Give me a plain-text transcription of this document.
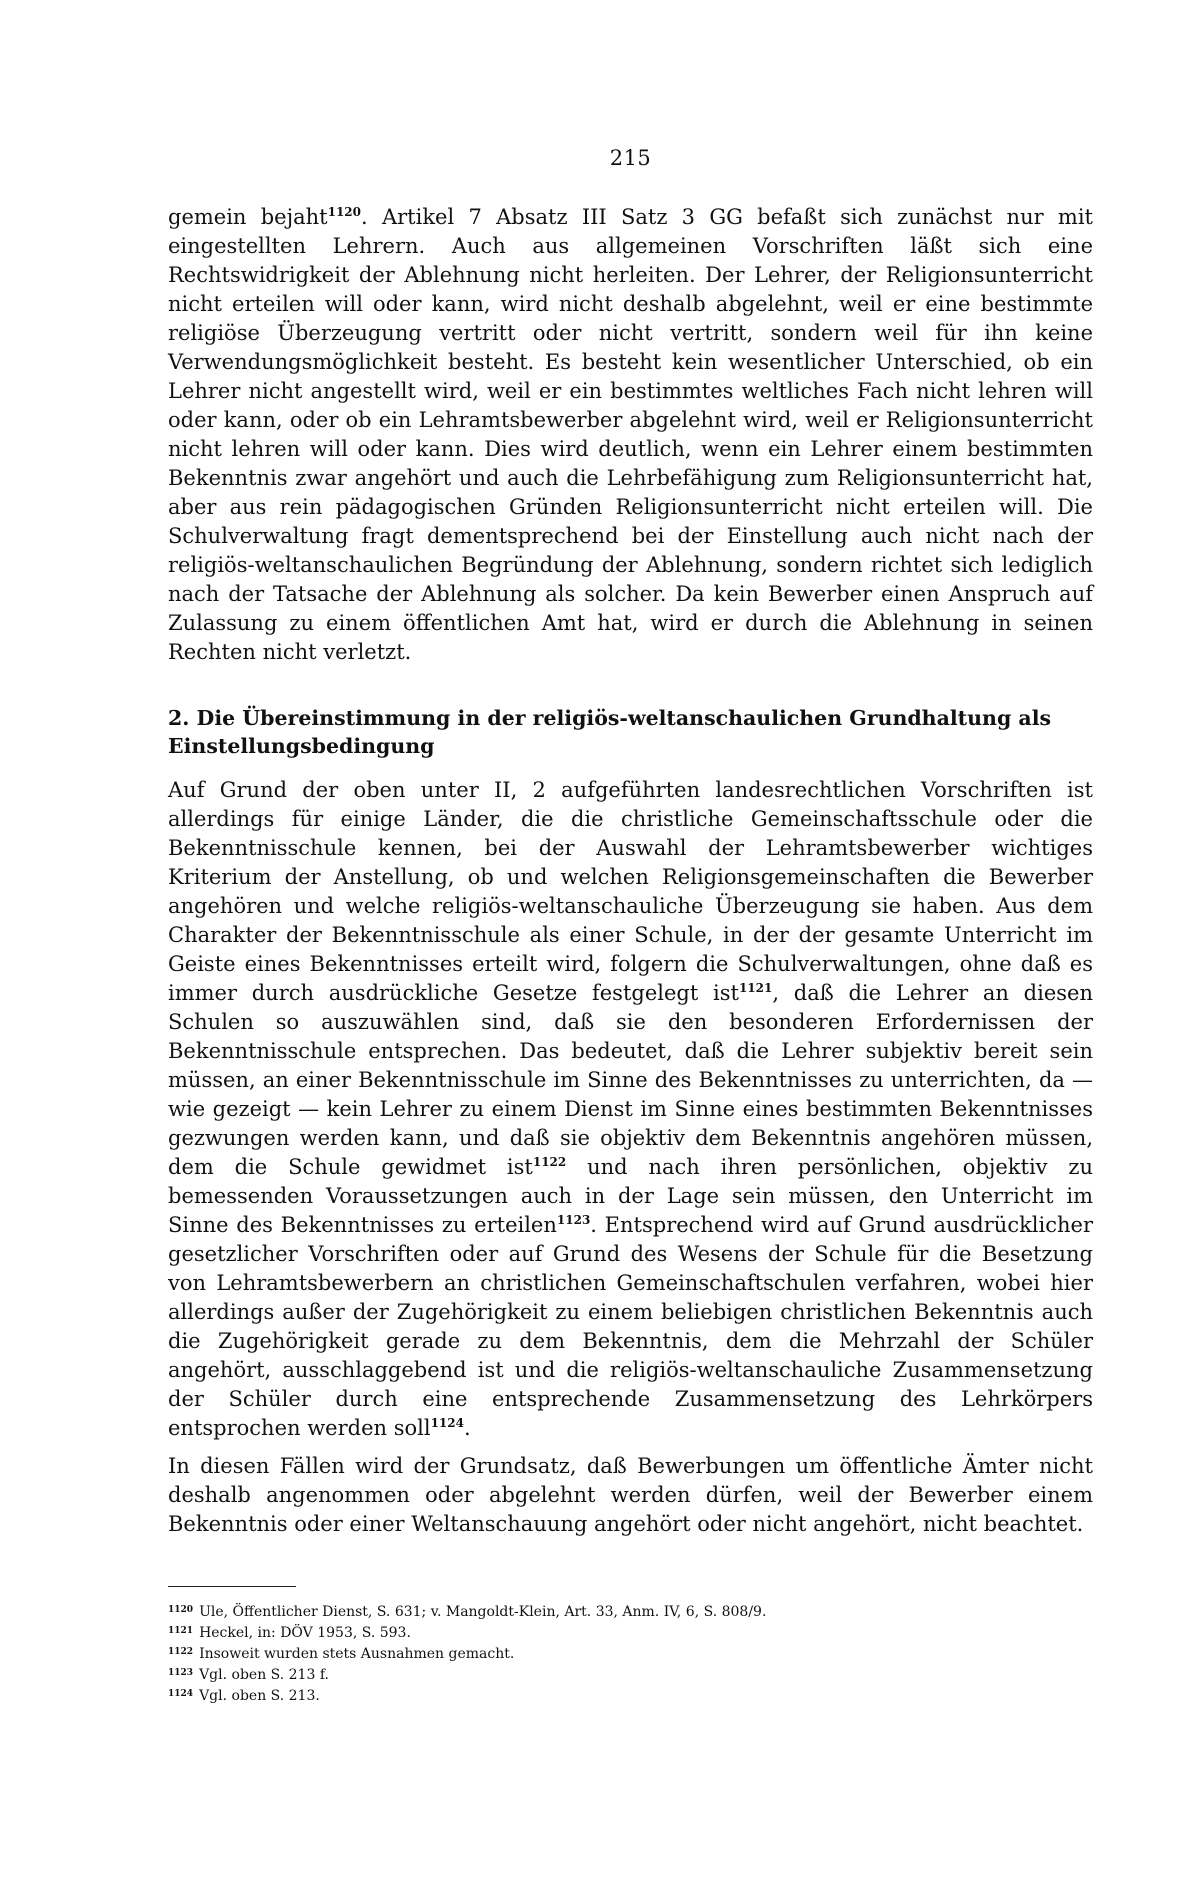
215

gemein bejaht$^{1120}$. Artikel 7 Absatz III Satz 3 GG befaßt sich zunächst nur mit eingestellten Lehrern. Auch aus allgemeinen Vorschriften läßt sich eine Rechtswidrigkeit der Ablehnung nicht herleiten. Der Lehrer, der Religionsunterricht nicht erteilen will oder kann, wird nicht deshalb abgelehnt, weil er eine bestimmte religiöse Überzeugung vertritt oder nicht vertritt, sondern weil für ihn keine Verwendungsmöglichkeit besteht. Es besteht kein wesentlicher Unterschied, ob ein Lehrer nicht angestellt wird, weil er ein bestimmtes weltliches Fach nicht lehren will oder kann, oder ob ein Lehramtsbewerber abgelehnt wird, weil er Religionsunterricht nicht lehren will oder kann. Dies wird deutlich, wenn ein Lehrer einem bestimmten Bekenntnis zwar angehört und auch die Lehrbefähigung zum Religionsunterricht hat, aber aus rein pädagogischen Gründen Religionsunterricht nicht erteilen will. Die Schulverwaltung fragt dementsprechend bei der Einstellung auch nicht nach der religiös-weltanschaulichen Begründung der Ablehnung, sondern richtet sich lediglich nach der Tatsache der Ablehnung als solcher. Da kein Bewerber einen Anspruch auf Zulassung zu einem öffentlichen Amt hat, wird er durch die Ablehnung in seinen Rechten nicht verletzt.

2. Die Übereinstimmung in der religiös-weltanschaulichen Grundhaltung als Einstellungsbedingung

Auf Grund der oben unter II, 2 aufgeführten landesrechtlichen Vorschriften ist allerdings für einige Länder, die die christliche Gemeinschaftsschule oder die Bekenntnisschule kennen, bei der Auswahl der Lehramtsbewerber wichtiges Kriterium der Anstellung, ob und welchen Religionsgemeinschaften die Bewerber angehören und welche religiös-weltanschauliche Überzeugung sie haben. Aus dem Charakter der Bekenntnisschule als einer Schule, in der der gesamte Unterricht im Geiste eines Bekenntnisses erteilt wird, folgern die Schulverwaltungen, ohne daß es immer durch ausdrückliche Gesetze festgelegt ist$^{1121}$, daß die Lehrer an diesen Schulen so auszuwählen sind, daß sie den besonderen Erfordernissen der Bekenntnisschule entsprechen. Das bedeutet, daß die Lehrer subjektiv bereit sein müssen, an einer Bekenntnisschule im Sinne des Bekenntnisses zu unterrichten, da — wie gezeigt — kein Lehrer zu einem Dienst im Sinne eines bestimmten Bekenntnisses gezwungen werden kann, und daß sie objektiv dem Bekenntnis angehören müssen, dem die Schule gewidmet ist$^{1122}$ und nach ihren persönlichen, objektiv zu bemessenden Voraussetzungen auch in der Lage sein müssen, den Unterricht im Sinne des Bekenntnisses zu erteilen$^{1123}$. Entsprechend wird auf Grund ausdrücklicher gesetzlicher Vorschriften oder auf Grund des Wesens der Schule für die Besetzung von Lehramtsbewerbern an christlichen Gemeinschaftschulen verfahren, wobei hier allerdings außer der Zugehörigkeit zu einem beliebigen christlichen Bekenntnis auch die Zugehörigkeit gerade zu dem Bekenntnis, dem die Mehrzahl der Schüler angehört, ausschlaggebend ist und die religiös-weltanschauliche Zusammensetzung der Schüler durch eine entsprechende Zusammensetzung des Lehrkörpers entsprochen werden soll$^{1124}$.

In diesen Fällen wird der Grundsatz, daß Bewerbungen um öffentliche Ämter nicht deshalb angenommen oder abgelehnt werden dürfen, weil der Bewerber einem Bekenntnis oder einer Weltanschauung angehört oder nicht angehört, nicht beachtet.

1120 Ule, Öffentlicher Dienst, S. 631; v. Mangoldt-Klein, Art. 33, Anm. IV, 6, S. 808/9.
1121 Heckel, in: DÖV 1953, S. 593.
1122 Insoweit wurden stets Ausnahmen gemacht.
1123 Vgl. oben S. 213 f.
1124 Vgl. oben S. 213.
